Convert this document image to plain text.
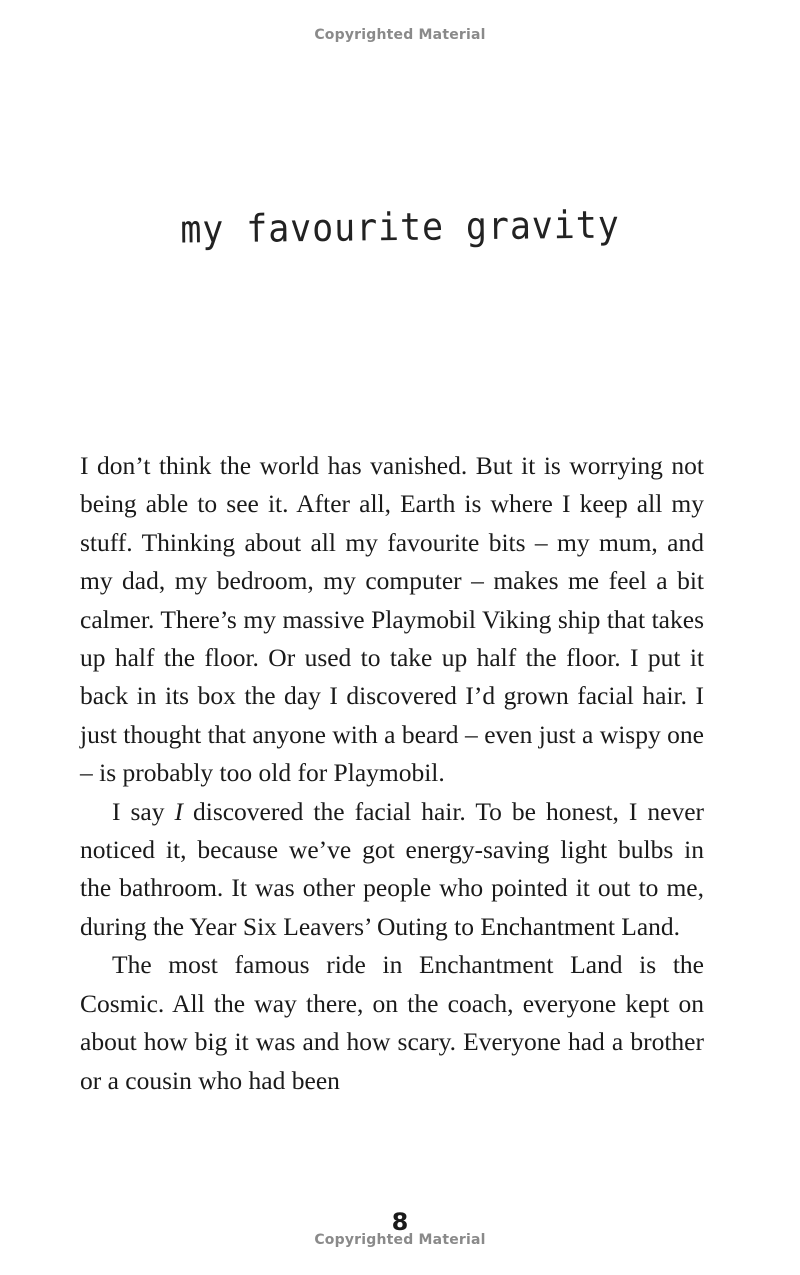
Copyrighted Material
my favourite gravity

I don’t think the world has vanished. But it is worrying not being able to see it. After all, Earth is where I keep all my stuff. Thinking about all my favourite bits – my mum, and my dad, my bedroom, my computer – makes me feel a bit calmer. There’s my massive Playmobil Viking ship that takes up half the floor. Or used to take up half the floor. I put it back in its box the day I discovered I’d grown facial hair. I just thought that anyone with a beard – even just a wispy one – is probably too old for Playmobil.

I say I discovered the facial hair. To be honest, I never noticed it, because we’ve got energy-saving light bulbs in the bathroom. It was other people who pointed it out to me, during the Year Six Leavers’ Outing to Enchantment Land.

The most famous ride in Enchantment Land is the Cosmic. All the way there, on the coach, everyone kept on about how big it was and how scary. Everyone had a brother or a cousin who had been

8
Copyrighted Material
